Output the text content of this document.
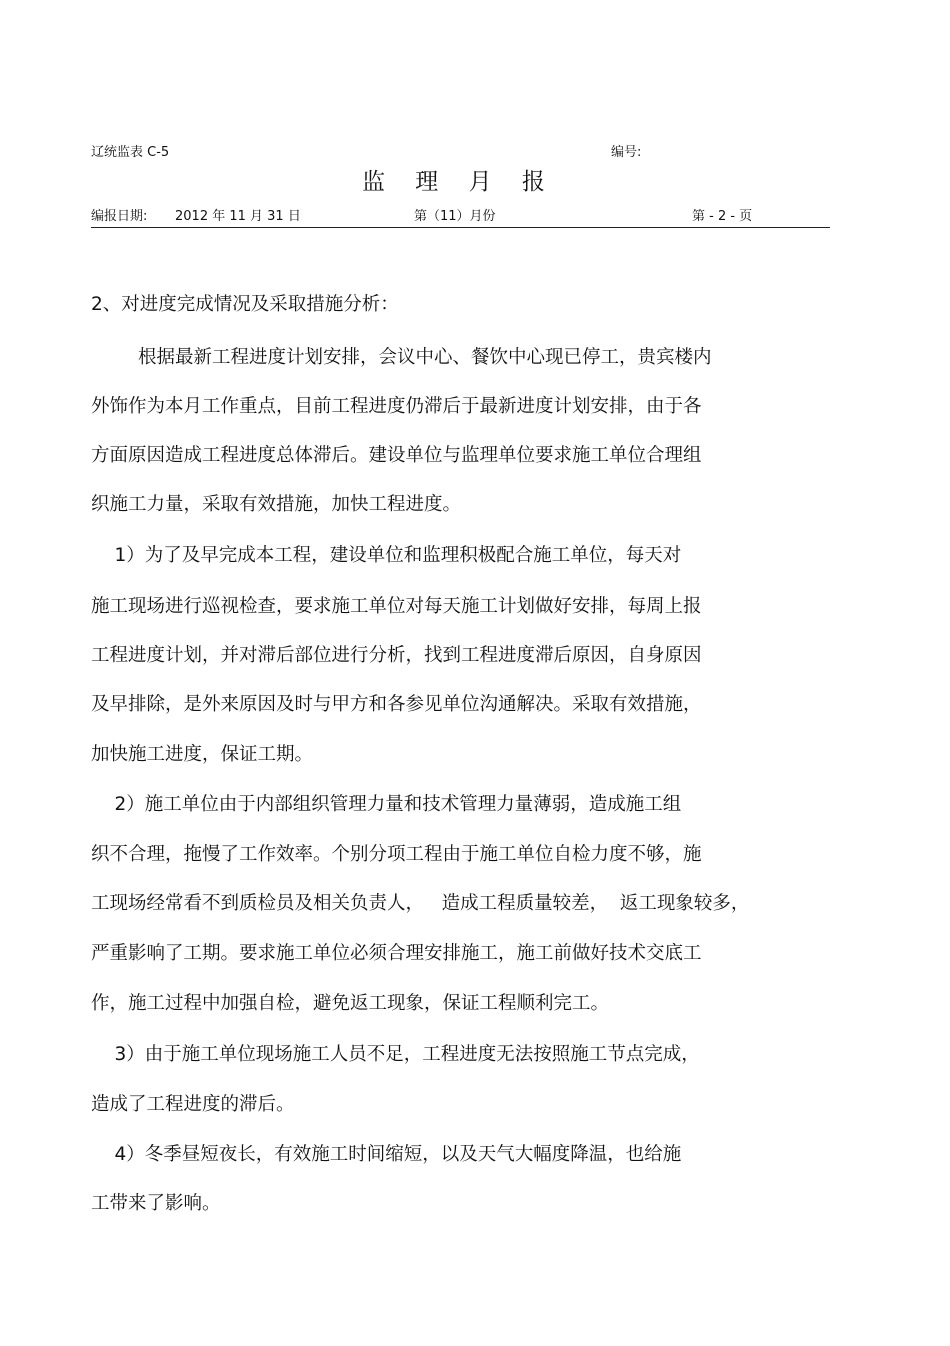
辽统监表 C-5	编号:
监 理 月 报
编报日期: 2012 年 11 月 31 日	第（11）月份	第 - 2 - 页
2、对进度完成情况及采取措施分析：
根据最新工程进度计划安排，会议中心、餐饮中心现已停工，贵宾楼内
外饰作为本月工作重点，目前工程进度仍滞后于最新进度计划安排，由于各
方面原因造成工程进度总体滞后。建设单位与监理单位要求施工单位合理组
织施工力量，采取有效措施，加快工程进度。
1）为了及早完成本工程，建设单位和监理积极配合施工单位，每天对
施工现场进行巡视检查，要求施工单位对每天施工计划做好安排，每周上报
工程进度计划，并对滞后部位进行分析，找到工程进度滞后原因，自身原因
及早排除，是外来原因及时与甲方和各参见单位沟通解决。采取有效措施，
加快施工进度，保证工期。
2）施工单位由于内部组织管理力量和技术管理力量薄弱，造成施工组
织不合理，拖慢了工作效率。个别分项工程由于施工单位自检力度不够，施
工现场经常看不到质检员及相关负责人，   造成工程质量较差，  返工现象较多，
严重影响了工期。要求施工单位必须合理安排施工，施工前做好技术交底工
作，施工过程中加强自检，避免返工现象，保证工程顺利完工。
3）由于施工单位现场施工人员不足，工程进度无法按照施工节点完成，
造成了工程进度的滞后。
4）冬季昼短夜长，有效施工时间缩短，以及天气大幅度降温，也给施
工带来了影响。
